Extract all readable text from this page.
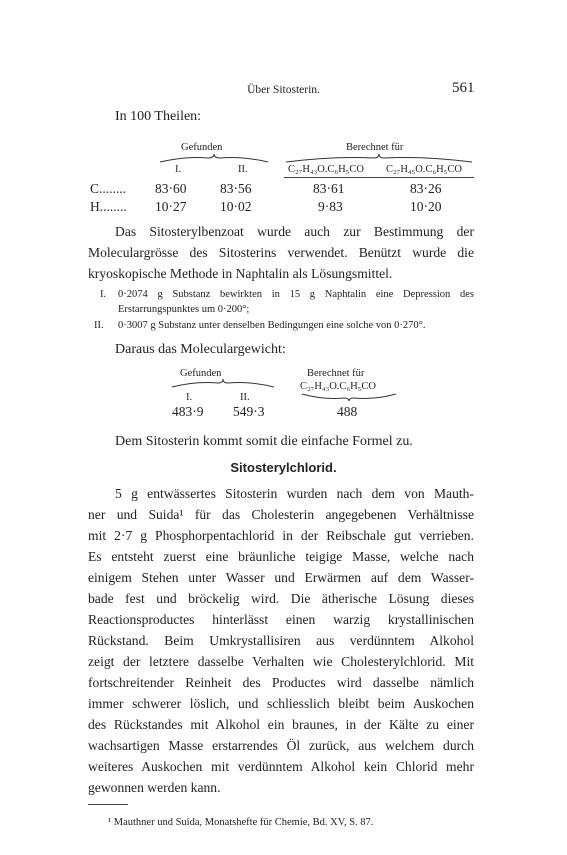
Über Sitosterin.	561
In 100 Theilen:
Gefunden	Berechnet für
I.	II.	C₂₇H₄₃O.C₆H₅CO C₂₇H₄₅O.C₆H₅CO
C........ 83·60 83·56	83·61	83·26
H........ 10·27 10·02	9·83	10·20
Das Sitosterylbenzoat wurde auch zur Bestimmung der
Moleculargrösse des Sitosterins verwendet. Benützt wurde die
kryoskopische Methode in Naphtalin als Lösungsmittel.
I. 0·2074 g Substanz bewirkten in 15 g Naphtalin eine Depression des
Erstarrungspunktes um 0·200°;
II. 0·3007 g Substanz unter denselben Bedingungen eine solche von 0·270°.
Daraus das Moleculargewicht:
Gefunden	Berechnet für
C₂₇H₄₃O.C₆H₅CO
I.	II.
483·9 549·3	488
Dem Sitosterin kommt somit die einfache Formel zu.
Sitosterylchlorid.
5 g entwässertes Sitosterin wurden nach dem von Mauth-
ner und Suida¹ für das Cholesterin angegebenen Verhältnisse
mit 2·7 g Phosphorpentachlorid in der Reibschale gut verrieben.
Es entsteht zuerst eine bräunliche teigige Masse, welche nach
einigem Stehen unter Wasser und Erwärmen auf dem Wasser-
bade fest und bröckelig wird. Die ätherische Lösung dieses
Reactionsproductes hinterlässt einen warzig krystallinischen
Rückstand. Beim Umkrystallisiren aus verdünntem Alkohol
zeigt der letztere dasselbe Verhalten wie Cholesterylchlorid. Mit
fortschreitender Reinheit des Productes wird dasselbe nämlich
immer schwerer löslich, und schliesslich bleibt beim Auskochen
des Rückstandes mit Alkohol ein braunes, in der Kälte zu einer
wachsartigen Masse erstarrendes Öl zurück, aus welchem durch
weiteres Auskochen mit verdünntem Alkohol kein Chlorid mehr
gewonnen werden kann.
¹ Mauthner und Suida, Monatshefte für Chemie, Bd. XV, S. 87.
